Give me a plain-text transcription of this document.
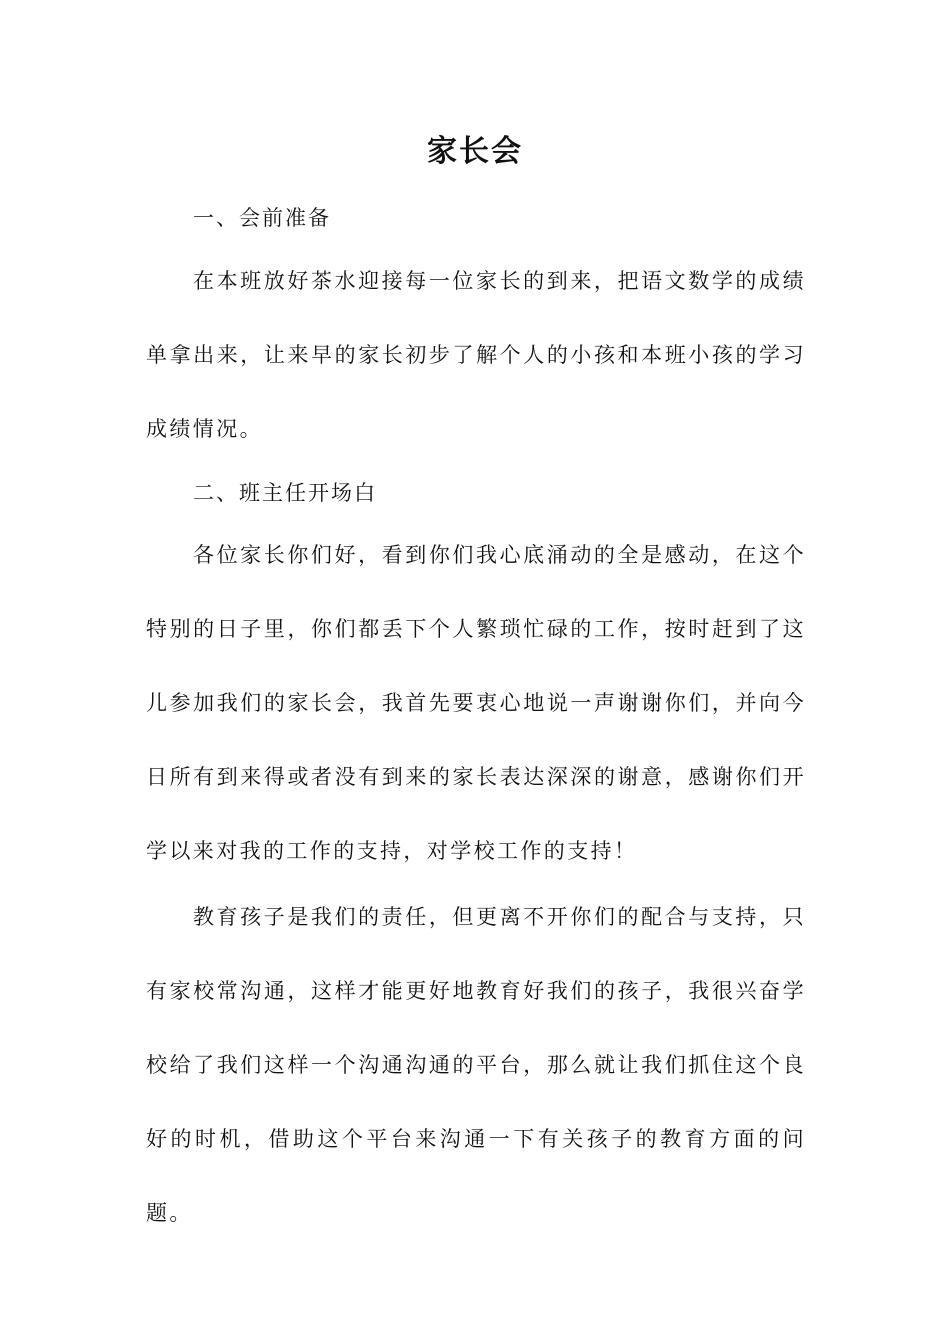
家长会
一、会前准备
在本班放好茶水迎接每一位家长的到来，把语文数学的成绩单拿出来，让来早的家长初步了解个人的小孩和本班小孩的学习成绩情况。
二、班主任开场白
各位家长你们好，看到你们我心底涌动的全是感动，在这个特别的日子里，你们都丢下个人繁琐忙碌的工作，按时赶到了这儿参加我们的家长会，我首先要衷心地说一声谢谢你们，并向今日所有到来得或者没有到来的家长表达深深的谢意，感谢你们开学以来对我的工作的支持，对学校工作的支持！
教育孩子是我们的责任，但更离不开你们的配合与支持，只有家校常沟通，这样才能更好地教育好我们的孩子，我很兴奋学校给了我们这样一个沟通沟通的平台，那么就让我们抓住这个良好的时机，借助这个平台来沟通一下有关孩子的教育方面的问题。
